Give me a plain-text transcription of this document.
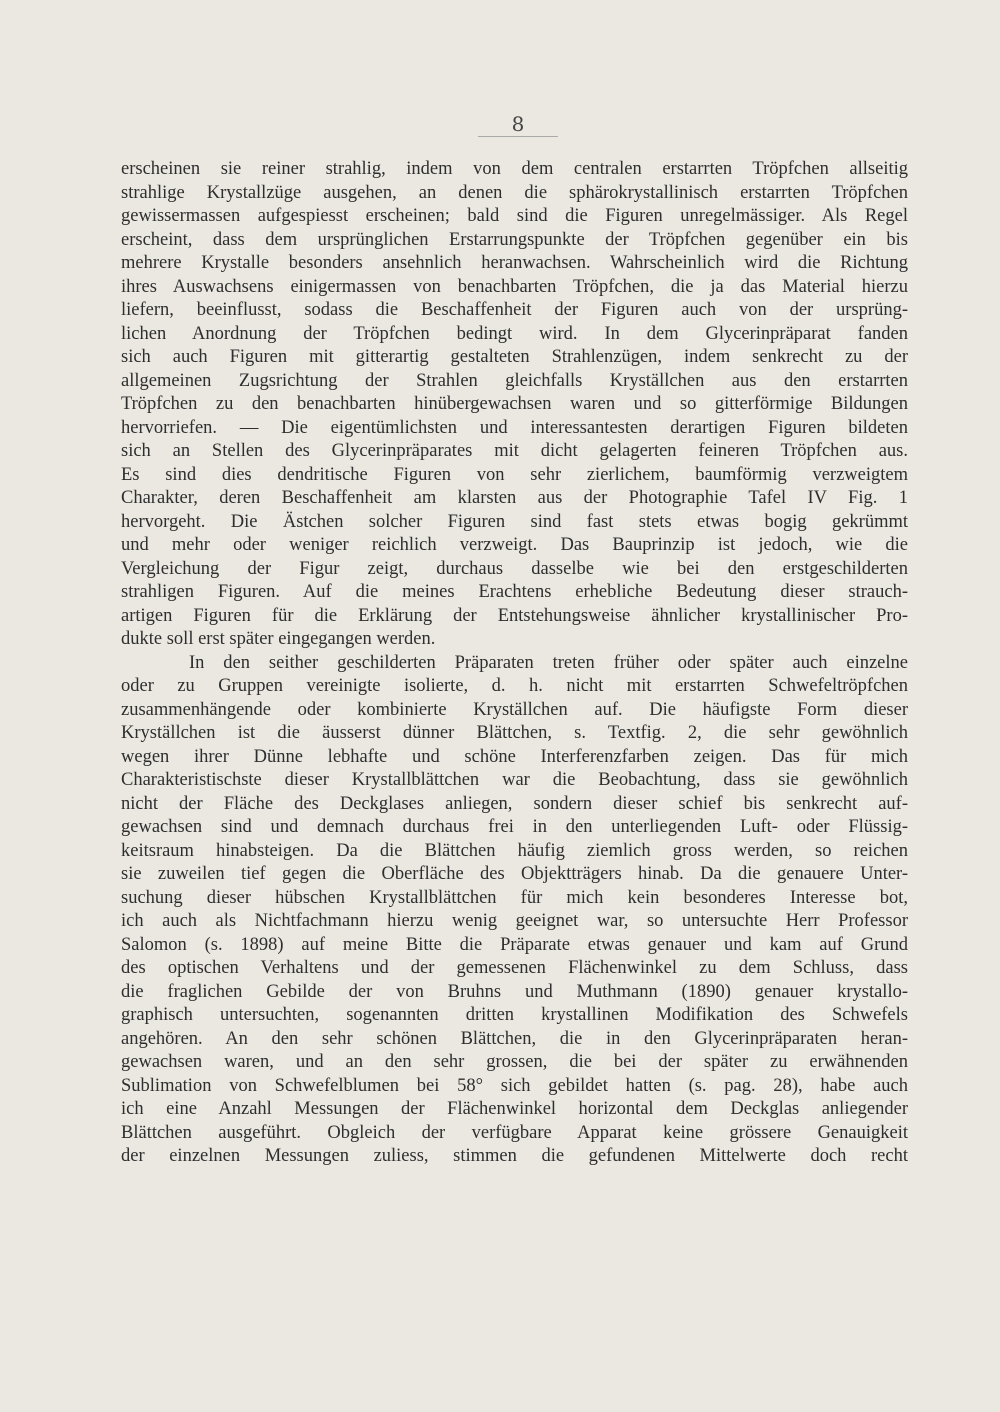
8
erscheinen sie reiner strahlig, indem von dem centralen erstarrten Tröpfchen allseitig
strahlige Krystallzüge ausgehen, an denen die sphärokrystallinisch erstarrten Tröpfchen
gewissermassen aufgespiesst erscheinen; bald sind die Figuren unregelmässiger. Als Regel
erscheint, dass dem ursprünglichen Erstarrungspunkte der Tröpfchen gegenüber ein bis
mehrere Krystalle besonders ansehnlich heranwachsen. Wahrscheinlich wird die Richtung
ihres Auswachsens einigermassen von benachbarten Tröpfchen, die ja das Material hierzu
liefern, beeinflusst, sodass die Beschaffenheit der Figuren auch von der ursprüng-
lichen Anordnung der Tröpfchen bedingt wird. In dem Glycerinpräparat fanden
sich auch Figuren mit gitterartig gestalteten Strahlenzügen, indem senkrecht zu der
allgemeinen Zugsrichtung der Strahlen gleichfalls Kryställchen aus den erstarrten
Tröpfchen zu den benachbarten hinübergewachsen waren und so gitterförmige Bildungen
hervorriefen. — Die eigentümlichsten und interessantesten derartigen Figuren bildeten
sich an Stellen des Glycerinpräparates mit dicht gelagerten feineren Tröpfchen aus.
Es sind dies dendritische Figuren von sehr zierlichem, baumförmig verzweigtem
Charakter, deren Beschaffenheit am klarsten aus der Photographie Tafel IV Fig. 1
hervorgeht. Die Ästchen solcher Figuren sind fast stets etwas bogig gekrümmt
und mehr oder weniger reichlich verzweigt. Das Bauprinzip ist jedoch, wie die
Vergleichung der Figur zeigt, durchaus dasselbe wie bei den erstgeschilderten
strahligen Figuren. Auf die meines Erachtens erhebliche Bedeutung dieser strauch-
artigen Figuren für die Erklärung der Entstehungsweise ähnlicher krystallinischer Pro-
dukte soll erst später eingegangen werden.
In den seither geschilderten Präparaten treten früher oder später auch einzelne
oder zu Gruppen vereinigte isolierte, d. h. nicht mit erstarrten Schwefeltröpfchen
zusammenhängende oder kombinierte Kryställchen auf. Die häufigste Form dieser
Kryställchen ist die äusserst dünner Blättchen, s. Textfig. 2, die sehr gewöhnlich
wegen ihrer Dünne lebhafte und schöne Interferenzfarben zeigen. Das für mich
Charakteristischste dieser Krystallblättchen war die Beobachtung, dass sie gewöhnlich
nicht der Fläche des Deckglases anliegen, sondern dieser schief bis senkrecht auf-
gewachsen sind und demnach durchaus frei in den unterliegenden Luft- oder Flüssig-
keitsraum hinabsteigen. Da die Blättchen häufig ziemlich gross werden, so reichen
sie zuweilen tief gegen die Oberfläche des Objektträgers hinab. Da die genauere Unter-
suchung dieser hübschen Krystallblättchen für mich kein besonderes Interesse bot,
ich auch als Nichtfachmann hierzu wenig geeignet war, so untersuchte Herr Professor
Salomon (s. 1898) auf meine Bitte die Präparate etwas genauer und kam auf Grund
des optischen Verhaltens und der gemessenen Flächenwinkel zu dem Schluss, dass
die fraglichen Gebilde der von Bruhns und Muthmann (1890) genauer krystallo-
graphisch untersuchten, sogenannten dritten krystallinen Modifikation des Schwefels
angehören. An den sehr schönen Blättchen, die in den Glycerinpräparaten heran-
gewachsen waren, und an den sehr grossen, die bei der später zu erwähnenden
Sublimation von Schwefelblumen bei 58° sich gebildet hatten (s. pag. 28), habe auch
ich eine Anzahl Messungen der Flächenwinkel horizontal dem Deckglas anliegender
Blättchen ausgeführt. Obgleich der verfügbare Apparat keine grössere Genauigkeit
der einzelnen Messungen zuliess, stimmen die gefundenen Mittelwerte doch recht
